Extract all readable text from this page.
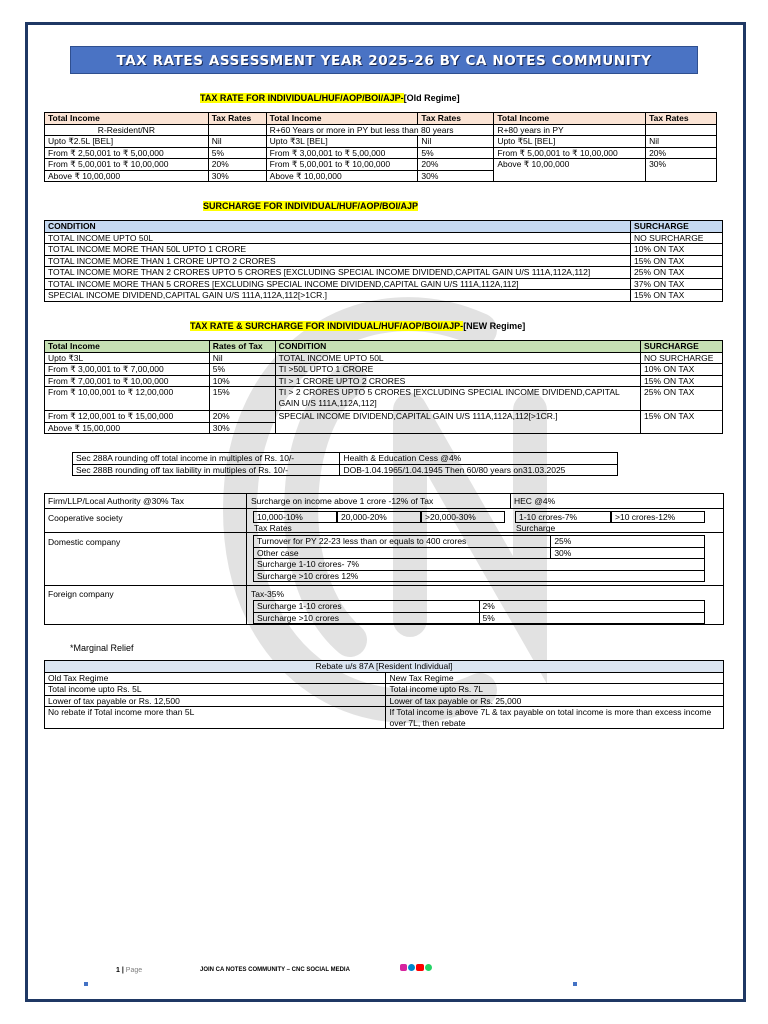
TAX RATES ASSESSMENT YEAR 2025-26 BY CA NOTES COMMUNITY
TAX RATE FOR INDIVIDUAL/HUF/AOP/BOI/AJP-[Old Regime]
Total Income	Tax Rates	Total Income	Tax Rates	Total Income	Tax Rates
R-Resident/NR		R+60 Years or more in PY but less than 80 years		R+80 years in PY	
Upto ₹2.5L [BEL]	Nil	Upto ₹3L [BEL]	Nil	Upto ₹5L [BEL]	Nil
From ₹ 2,50,001 to ₹ 5,00,000	5%	From ₹ 3,00,001 to ₹ 5,00,000	5%	From ₹ 5,00,001 to ₹ 10,00,000	20%
From ₹ 5,00,001 to ₹ 10,00,000	20%	From ₹ 5,00,001 to ₹ 10,00,000	20%	Above ₹ 10,00,000	30%
Above ₹ 10,00,000	30%	Above ₹ 10,00,000	30%		
SURCHARGE FOR INDIVIDUAL/HUF/AOP/BOI/AJP
CONDITION	SURCHARGE
TOTAL INCOME UPTO 50L	NO SURCHARGE
TOTAL INCOME MORE THAN 50L UPTO 1 CRORE	10% ON TAX
TOTAL INCOME MORE THAN 1 CRORE UPTO 2 CRORES	15% ON TAX
TOTAL INCOME MORE THAN 2 CRORES UPTO 5 CRORES [EXCLUDING SPECIAL INCOME DIVIDEND,CAPITAL GAIN U/S 111A,112A,112]	25% ON TAX
TOTAL INCOME MORE THAN 5 CRORES [EXCLUDING SPECIAL INCOME DIVIDEND,CAPITAL GAIN U/S 111A,112A,112]	37% ON TAX
SPECIAL INCOME DIVIDEND,CAPITAL GAIN U/S 111A,112A,112[>1CR.]	15% ON TAX
TAX RATE & SURCHARGE FOR INDIVIDUAL/HUF/AOP/BOI/AJP-[NEW Regime]
Total Income	Rates of Tax	CONDITION	SURCHARGE
Upto ₹3L	Nil	TOTAL INCOME UPTO 50L	NO SURCHARGE
From ₹ 3,00,001 to ₹ 7,00,000	5%	TI >50L UPTO 1 CRORE	10% ON TAX
From ₹ 7,00,001 to ₹ 10,00,000	10%	TI > 1 CRORE UPTO 2 CRORES	15% ON TAX
From ₹ 10,00,001 to ₹ 12,00,000	15%	TI > 2 CRORES UPTO 5 CRORES [EXCLUDING SPECIAL INCOME DIVIDEND,CAPITAL GAIN U/S 111A,112A,112]	25% ON TAX
From ₹ 12,00,001 to ₹ 15,00,000	20%	SPECIAL INCOME DIVIDEND,CAPITAL GAIN U/S 111A,112A,112[>1CR.]	15% ON TAX
Above ₹ 15,00,000	30%		
Sec 288A rounding off total income in multiples of Rs. 10/-	Health & Education Cess @4%
Sec 288B rounding off tax liability in multiples of Rs. 10/-	DOB-1.04.1965/1.04.1945 Then 60/80 years on31.03.2025
Firm/LLP/Local Authority @30% Tax	Surcharge on income above 1 crore -12% of Tax	HEC @4%
Cooperative society	10,000-10%	20,000-20%	>20,000-30%
Tax Rates
1-10 crores-7%	>10 crores-12%
Surcharge
Domestic company	Turnover for PY 22-23 less than or equals to 400 crores	25%
Other case	30%
Surcharge 1-10 crores- 7%	
Surcharge >10 crores 12%	
Foreign company	Tax-35%
Surcharge 1-10 crores	2%
Surcharge >10 crores	5%
*Marginal Relief
Rebate u/s 87A [Resident Individual]	
Old Tax Regime	New Tax Regime
Total income upto Rs. 5L	Total income upto Rs. 7L
Lower of tax payable or Rs. 12,500	Lower of tax payable or Rs. 25,000
No rebate if Total income more than 5L	If Total income is above 7L & tax payable on total income is more than excess income over 7L, then rebate
1 | Page	JOIN CA NOTES COMMUNITY – CNC SOCIAL MEDIA
